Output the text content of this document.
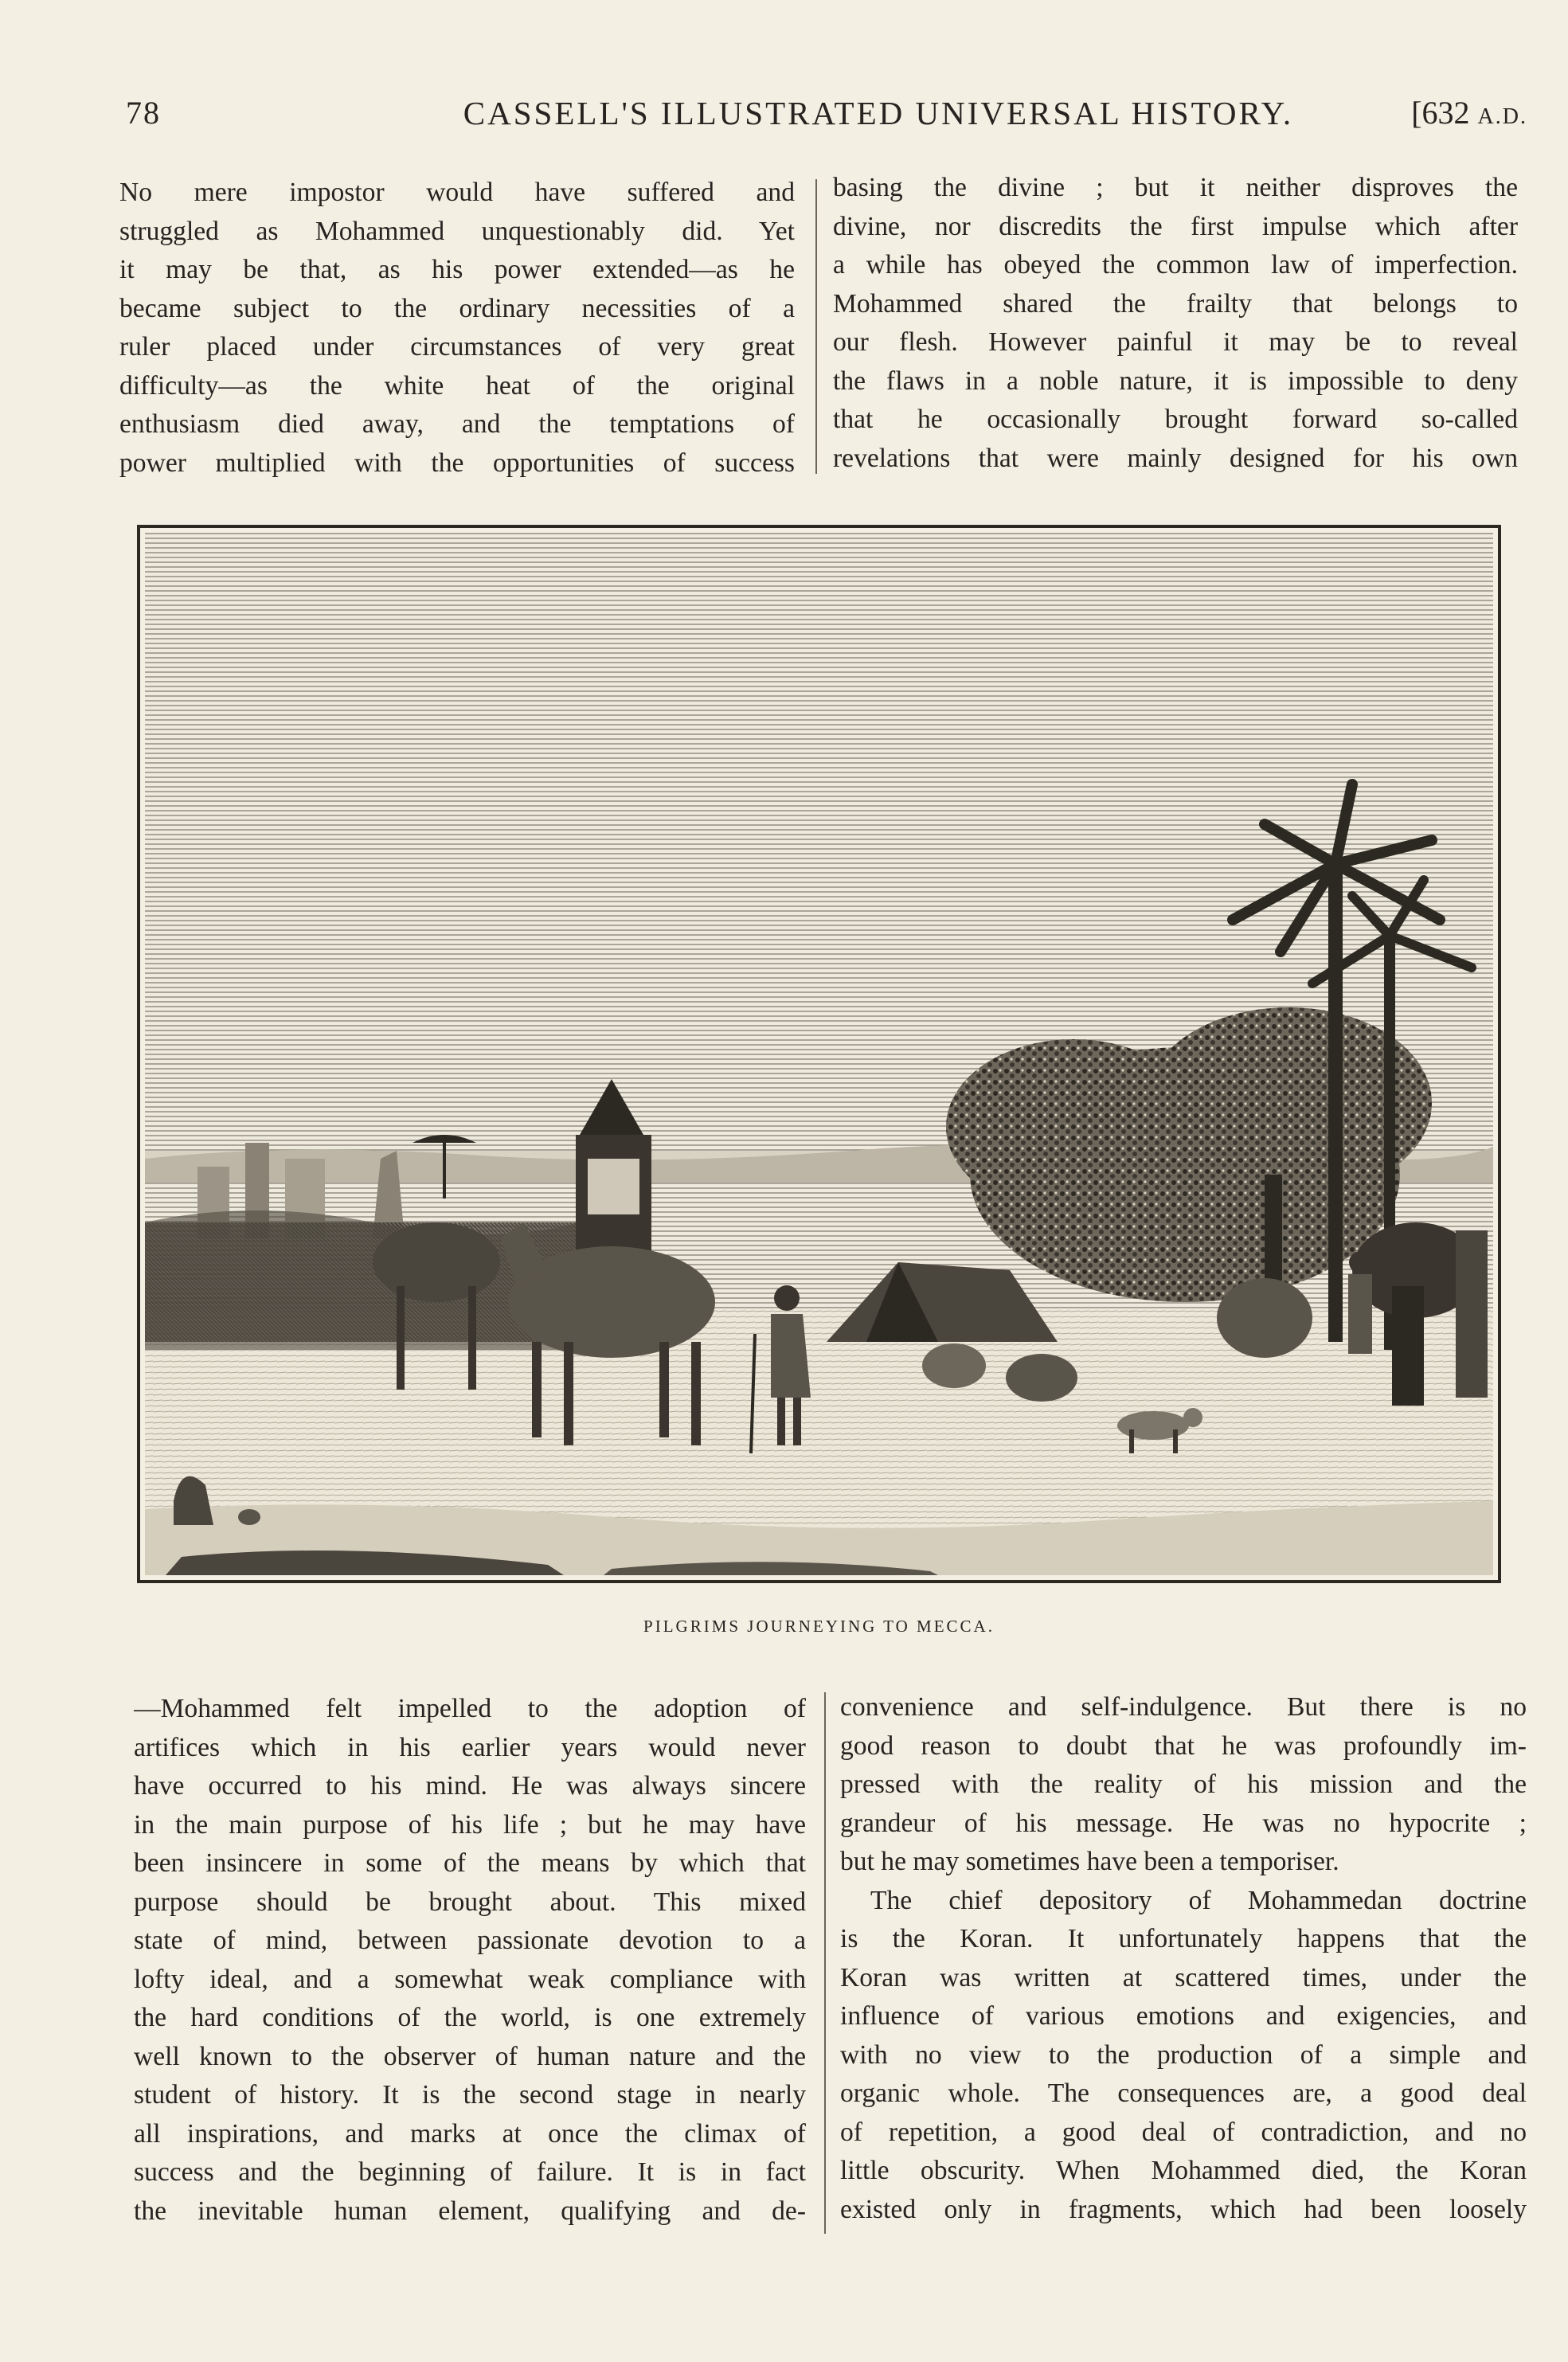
78	CASSELL'S ILLUSTRATED UNIVERSAL HISTORY.	[632 A.D.
No mere impostor would have suffered and
struggled as Mohammed unquestionably did. Yet
it may be that, as his power extended—as he
became subject to the ordinary necessities of a
ruler placed under circumstances of very great
difficulty—as the white heat of the original
enthusiasm died away, and the temptations of
power multiplied with the opportunities of success
basing the divine ; but it neither disproves the
divine, nor discredits the first impulse which after
a while has obeyed the common law of imperfection.
Mohammed shared the frailty that belongs to
our flesh. However painful it may be to reveal
the flaws in a noble nature, it is impossible to deny
that he occasionally brought forward so-called
revelations that were mainly designed for his own
PILGRIMS JOURNEYING TO MECCA.
—Mohammed felt impelled to the adoption of
artifices which in his earlier years would never
have occurred to his mind. He was always sincere
in the main purpose of his life ; but he may have
been insincere in some of the means by which that
purpose should be brought about. This mixed
state of mind, between passionate devotion to a
lofty ideal, and a somewhat weak compliance with
the hard conditions of the world, is one extremely
well known to the observer of human nature and the
student of history. It is the second stage in nearly
all inspirations, and marks at once the climax of
success and the beginning of failure. It is in fact
the inevitable human element, qualifying and de-
convenience and self-indulgence. But there is no
good reason to doubt that he was profoundly im-
pressed with the reality of his mission and the
grandeur of his message. He was no hypocrite ;
but he may sometimes have been a temporiser.
The chief depository of Mohammedan doctrine
is the Koran. It unfortunately happens that the
Koran was written at scattered times, under the
influence of various emotions and exigencies, and
with no view to the production of a simple and
organic whole. The consequences are, a good deal
of repetition, a good deal of contradiction, and no
little obscurity. When Mohammed died, the Koran
existed only in fragments, which had been loosely
